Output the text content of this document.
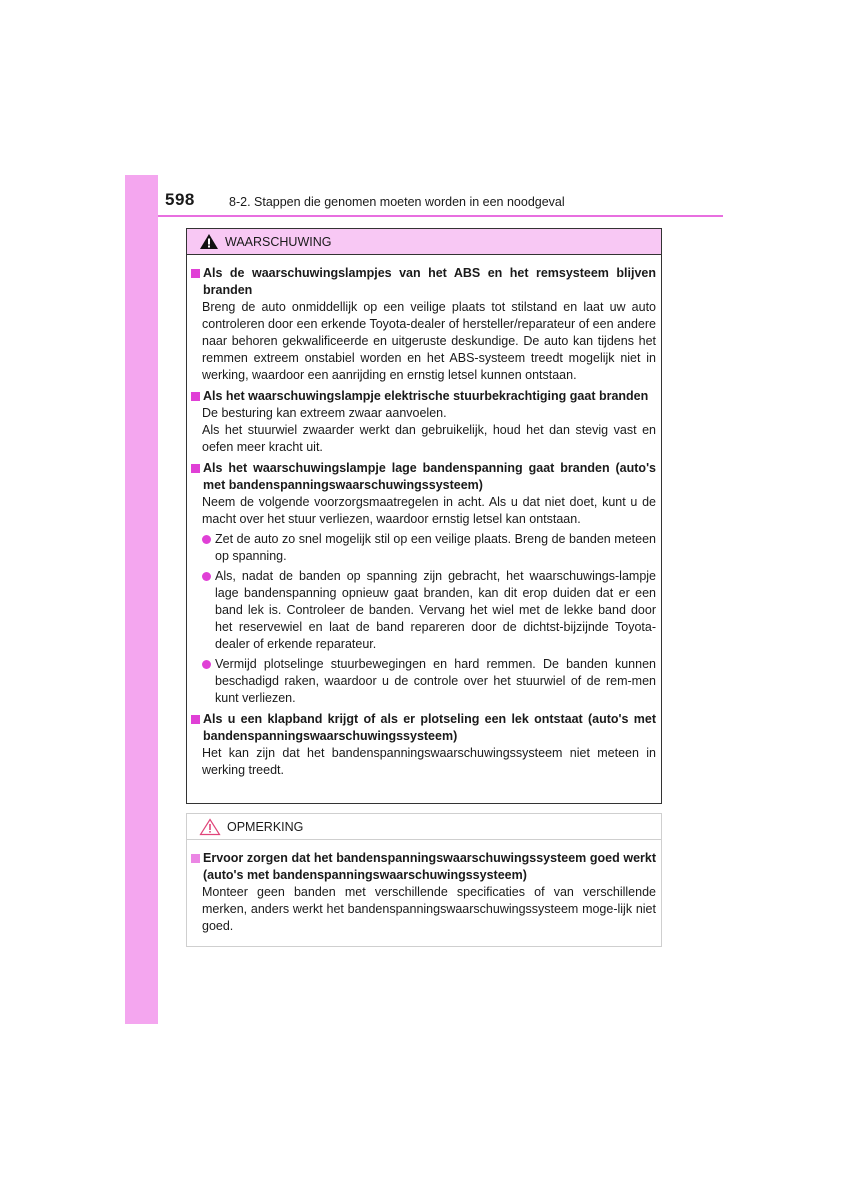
598	8-2. Stappen die genomen moeten worden in een noodgeval
WAARSCHUWING
Als de waarschuwingslampjes van het ABS en het remsysteem blijven branden
Breng de auto onmiddellijk op een veilige plaats tot stilstand en laat uw auto controleren door een erkende Toyota-dealer of hersteller/reparateur of een andere naar behoren gekwalificeerde en uitgeruste deskundige. De auto kan tijdens het remmen extreem onstabiel worden en het ABS-systeem treedt mogelijk niet in werking, waardoor een aanrijding en ernstig letsel kunnen ontstaan.
Als het waarschuwingslampje elektrische stuurbekrachtiging gaat branden
De besturing kan extreem zwaar aanvoelen.
Als het stuurwiel zwaarder werkt dan gebruikelijk, houd het dan stevig vast en oefen meer kracht uit.
Als het waarschuwingslampje lage bandenspanning gaat branden (auto's met bandenspanningswaarschuwingssysteem)
Neem de volgende voorzorgsmaatregelen in acht. Als u dat niet doet, kunt u de macht over het stuur verliezen, waardoor ernstig letsel kan ontstaan.
Zet de auto zo snel mogelijk stil op een veilige plaats. Breng de banden meteen op spanning.
Als, nadat de banden op spanning zijn gebracht, het waarschuwings-lampje lage bandenspanning opnieuw gaat branden, kan dit erop duiden dat er een band lek is. Controleer de banden. Vervang het wiel met de lekke band door het reservewiel en laat de band repareren door de dichtst-bijzijnde Toyota-dealer of erkende reparateur.
Vermijd plotselinge stuurbewegingen en hard remmen. De banden kunnen beschadigd raken, waardoor u de controle over het stuurwiel of de rem-men kunt verliezen.
Als u een klapband krijgt of als er plotseling een lek ontstaat (auto's met bandenspanningswaarschuwingssysteem)
Het kan zijn dat het bandenspanningswaarschuwingssysteem niet meteen in werking treedt.
OPMERKING
Ervoor zorgen dat het bandenspanningswaarschuwingssysteem goed werkt (auto's met bandenspanningswaarschuwingssysteem)
Monteer geen banden met verschillende specificaties of van verschillende merken, anders werkt het bandenspanningswaarschuwingssysteem moge-lijk niet goed.
